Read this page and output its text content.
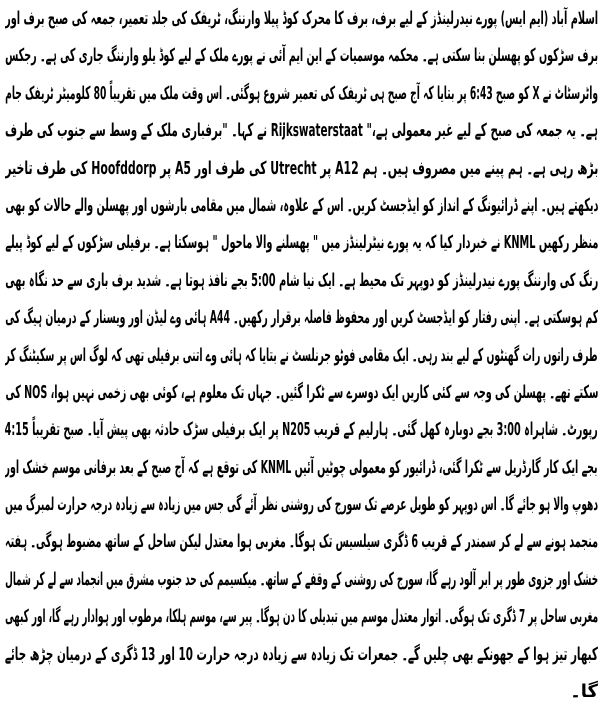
اسلام آباد (ایم ایس) پورے نیدرلینڈز کے لیے برف، برف کا محرک کوڈ پیلا وارننگ، ٹریفک کی جلد تعمیر، جمعہ کی صبح برف اور
برف سڑکوں کو پھسلن بنا سکتی ہے۔ محکمہ موسمیات کے این ایم آئی نے پورے ملک کے لیے کوڈ یلو وارننگ جاری کی ہے۔ رجکس
واٹرسٹاٹ نے X کو صبح 6:43 پر بتایا کہ آج صبح ہی ٹریفک کی تعمیر شروع ہوگئی۔ اس وقت ملک میں تقریباً 80 کلومیٹر ٹریفک جام
ہے۔ یہ جمعہ کی صبح کے لیے غیر معمولی ہے،" Rijkswaterstaat نے کہا۔ "برفباری ملک کے وسط سے جنوب کی طرف
بڑھ رہی ہے۔ ہم پینے میں مصروف ہیں۔ ہم A12 پر Utrecht کی طرف اور A5 پر Hoofddorp کی طرف تاخیر
دیکھتے ہیں۔ اپنے ڈرائیونگ کے انداز کو ایڈجسٹ کریں۔ اس کے علاوہ، شمال میں مقامی بارشوں اور پھسلن والے حالات کو بھی
منظر رکھیں KNML نے خبردار کیا کہ یہ پورے نیٹرلینڈز میں " پھسلنے والا ماحول " ہوسکتا ہے۔ برفیلی سڑکوں کے لیے کوڈ پیلے
رنگ کی وارننگ پورے نیدرلینڈز کو دوپہر تک محیط ہے۔ ایک نیا شام 5:00 بجے نافذ ہوتا ہے۔ شدید برف باری سے حد نگاہ بھی
کم ہوسکتی ہے۔ اپنی رفتار کو ایڈجسٹ کریں اور محفوظ فاصلہ برقرار رکھیں۔ A44 ہائی وے لیڈن اور ویسنار کے درمیان ہیگ کی
طرف راتوں رات گھنٹوں کے لیے بند رہی۔ ایک مقامی فوٹو جرنلسٹ نے بتایا کہ ہائی وے اتنی برفیلی تھی کہ لوگ اس پر سکیٹنگ کر
سکتے تھے۔ پھسلن کی وجہ سے کئی کاریں ایک دوسرے سے ٹکرا گئیں۔ جہاں تک معلوم ہے، کوئی بھی زخمی نہیں ہوا، NOS کی
رپورٹ۔ شاہراہ 3:00 بجے دوبارہ کھل گئی۔ ہارلیم کے قریب N205 پر ایک برفیلی سڑک حادثہ بھی پیش آیا۔ صبح تقریباً 4:15
بجے ایک کار گارڈریل سے ٹکرا گئی، ڈرائیور کو معمولی چوٹیں آئیں KNML کی توقع ہے کہ آج صبح کے بعد برفانی موسم خشک اور
دھوپ والا ہو جائے گا۔ اس دوپہر کو طویل عرصے تک سورج کی روشنی نظر آئے گی جس میں زیادہ سے زیادہ درجہ حرارت لمبرگ میں
منجمد ہونے سے لے کر سمندر کے قریب 6 ڈگری سیلسیس تک ہوگا۔ مغربی ہوا معتدل لیکن ساحل کے ساتھ مضبوط ہوگی۔ ہفتہ
خشک اور جزوی طور پر ابر آلود رہے گا، سورج کی روشنی کے وقفے کے ساتھ۔ میکسیمم کی حد جنوب مشرق میں انجماد سے لے کر شمال
مغربی ساحل پر 7 ڈگری تک ہوگی۔ اتوار معتدل موسم میں تبدیلی کا دن ہوگا۔ پیر سے، موسم ہلکا، مرطوب اور ہوادار رہے گا، اور کبھی
کبھار تیز ہوا کے جھونکے بھی چلیں گے۔ جمعرات تک زیادہ سے زیادہ درجہ حرارت 10 اور 13 ڈگری کے درمیان چڑھ جائے
گا۔
